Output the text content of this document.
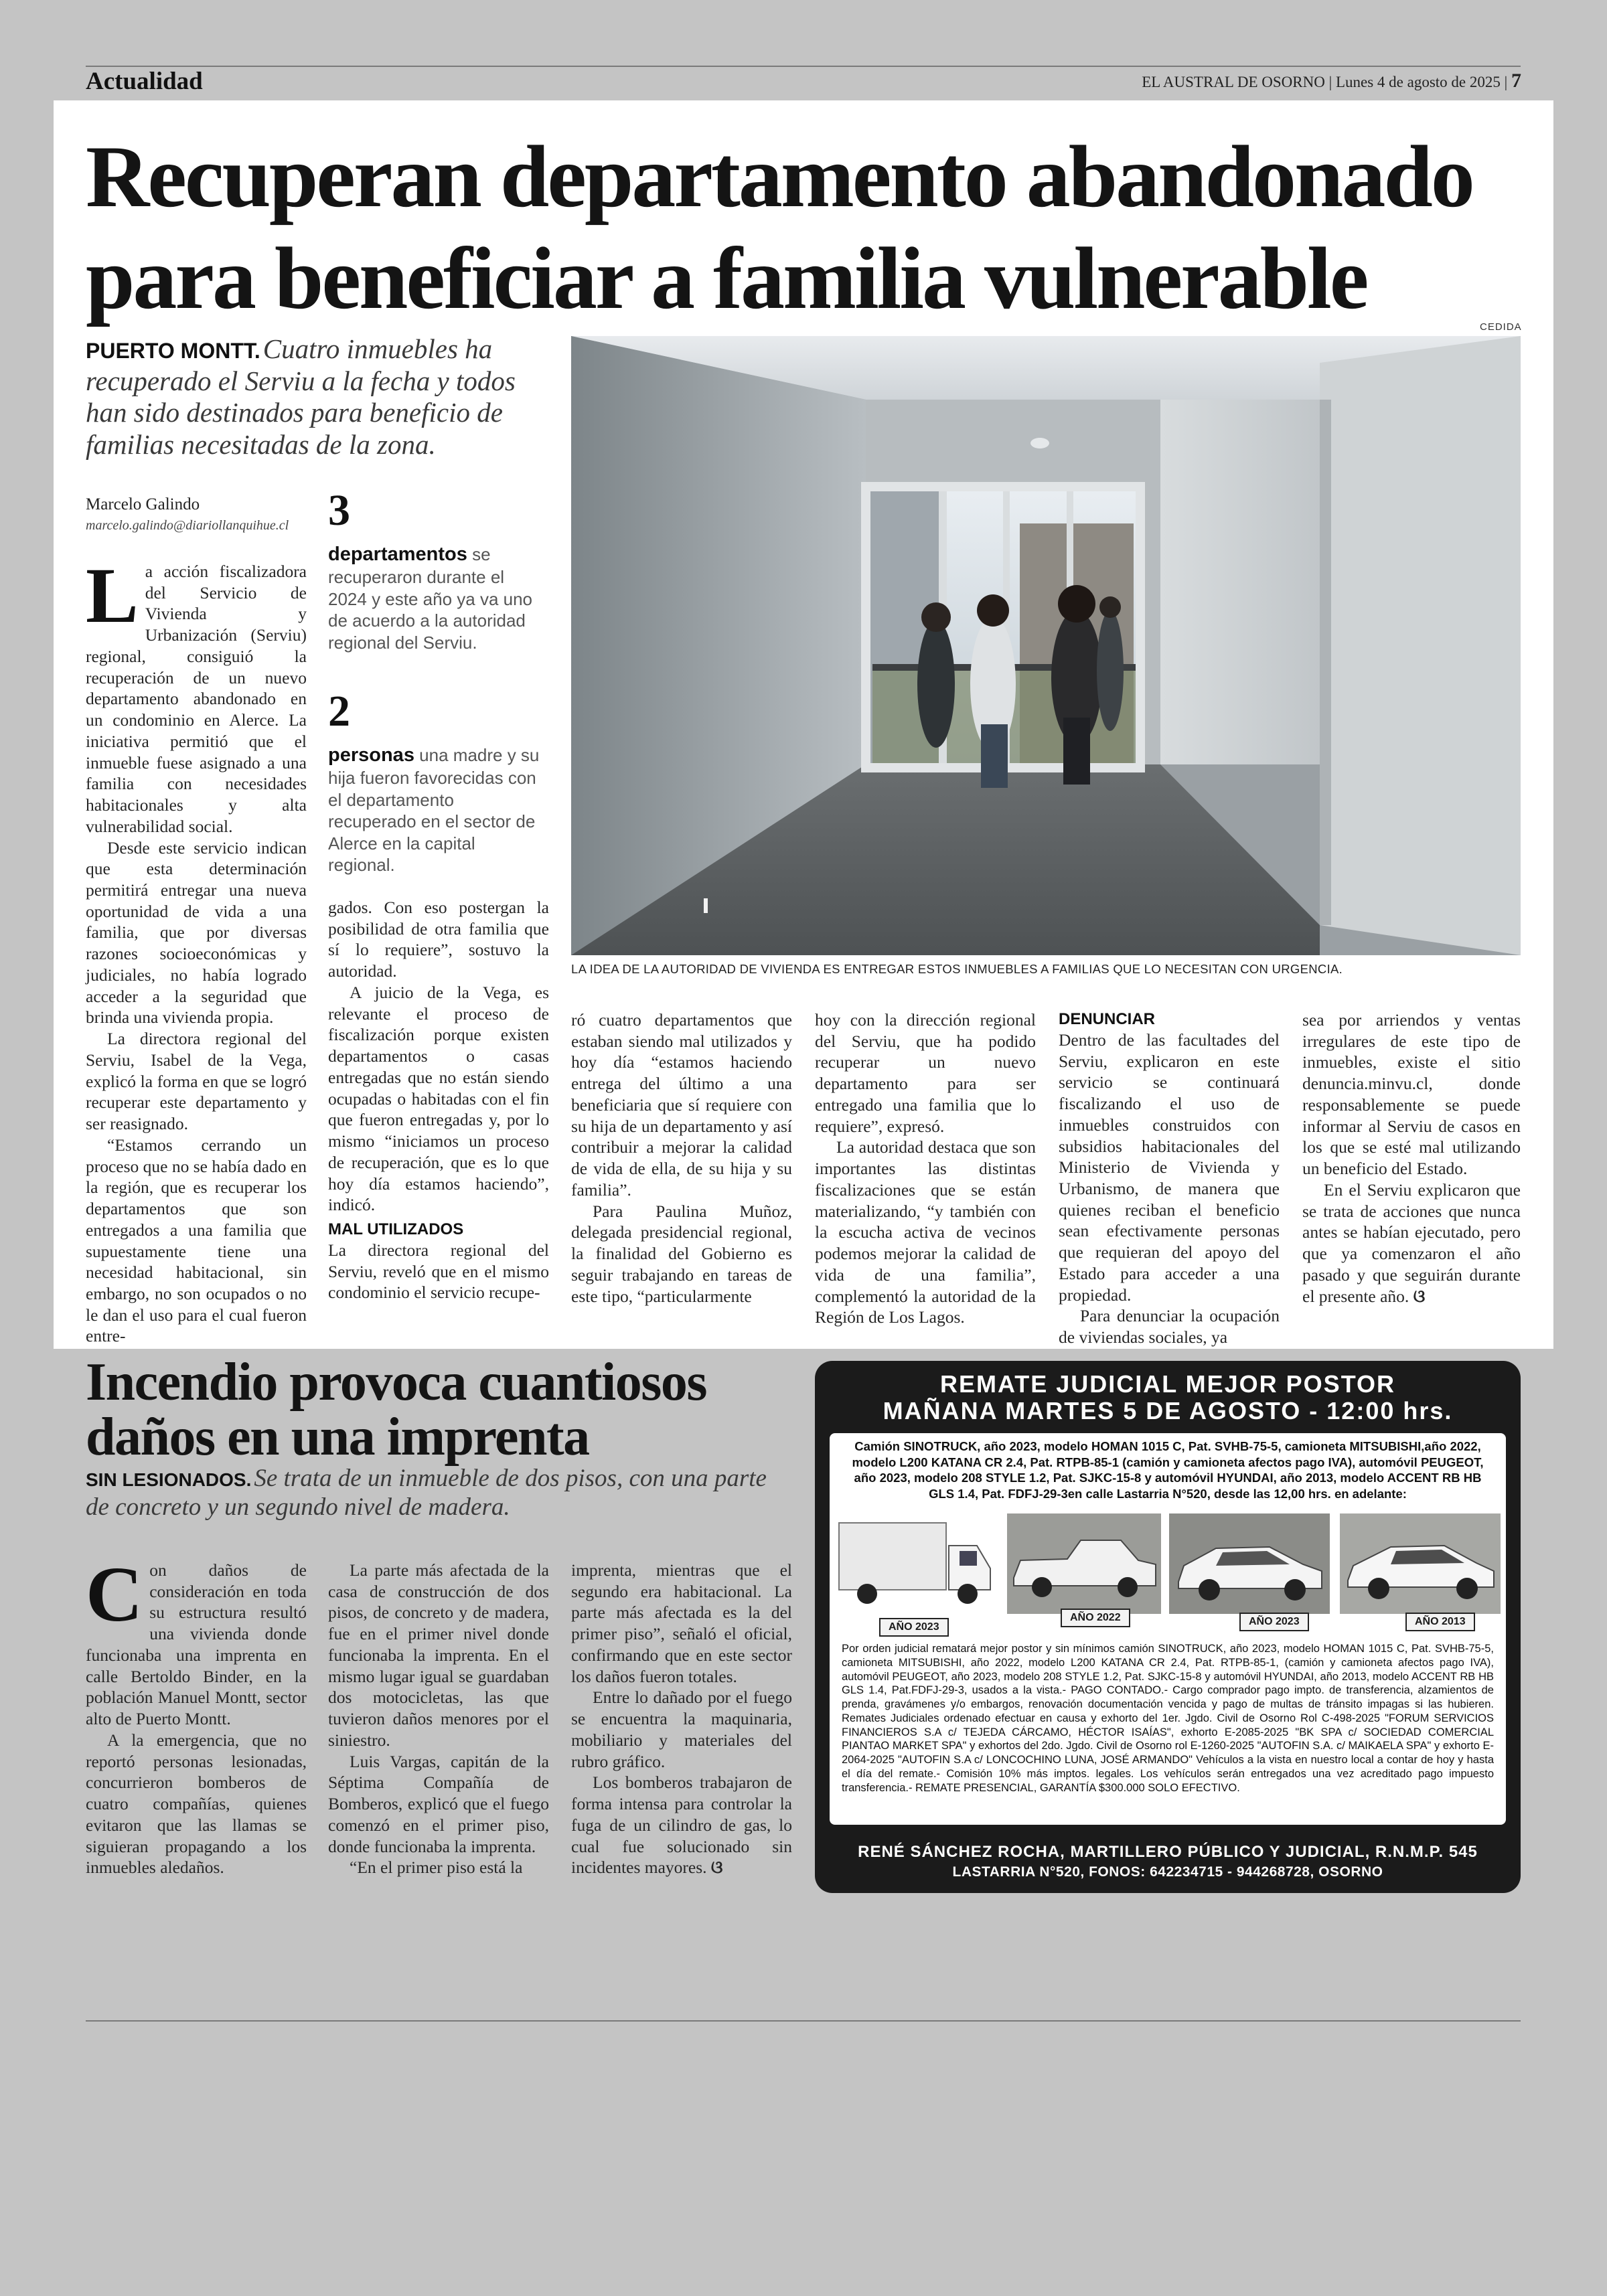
Actualidad	EL AUSTRAL DE OSORNO | Lunes 4 de agosto de 2025 | 7
Recuperan departamento abandonado
para beneficiar a familia vulnerable	CEDIDA
PUERTO MONTT. Cuatro inmuebles ha recuperado el Serviu a la fecha y todos han sido destinados para beneficio de familias necesitadas de la zona.
LA IDEA DE LA AUTORIDAD DE VIVIENDA ES ENTREGAR ESTOS INMUEBLES A FAMILIAS QUE LO NECESITAN CON URGENCIA.
Marcelo Galindo
marcelo.galindo@diariollanquihue.cl 3
departamentos se recuperaron durante el 2024 y este año ya va uno de acuerdo a la autoridad regional del Serviu.
2
personas una madre y su hija fueron favorecidas con el departamento recuperado en el sector de Alerce en la capital regional.

La acción fiscalizadora del Servicio de Vivienda y Urbanización (Serviu) regional, consiguió la recuperación de un nuevo departamento abandonado en un condominio en Alerce. La iniciativa permitió que el inmueble fuese asignado a una familia con necesidades habitacionales y alta vulnerabilidad social.

Desde este servicio indican que esta determinación permitirá entregar una nueva oportunidad de vida a una familia, que por diversas razones socioeconómicas y judiciales, no había logrado acceder a la seguridad que brinda una vivienda propia.

La directora regional del Serviu, Isabel de la Vega, explicó la forma en que se logró recuperar este departamento y ser reasignado.

“Estamos cerrando un proceso que no se había dado en la región, que es recuperar los departamentos que son entregados a una familia que supuestamente tiene una necesidad habitacional, sin embargo, no son ocupados o no le dan el uso para el cual fueron entre-

gados. Con eso postergan la posibilidad de otra familia que sí lo requiere”, sostuvo la autoridad.

A juicio de la Vega, es relevante el proceso de fiscalización porque existen departamentos o casas entregadas que no están siendo ocupadas o habitadas con el fin que fueron entregadas y, por lo mismo “iniciamos un proceso de recuperación, que es lo que hoy día estamos haciendo”, indicó.

MAL UTILIZADOS

La directora regional del Serviu, reveló que en el mismo condominio el servicio recupe-

ró cuatro departamentos que estaban siendo mal utilizados y hoy día “estamos haciendo entrega del último a una beneficiaria que sí requiere con su hija de un departamento y así contribuir a mejorar la calidad de vida de ella, de su hija y su familia”.

Para Paulina Muñoz, delegada presidencial regional, la finalidad del Gobierno es seguir trabajando en tareas de este tipo, “particularmente

hoy con la dirección regional del Serviu, que ha podido recuperar un nuevo departamento para ser entregado una familia que lo requiere”, expresó.

La autoridad destaca que son importantes las distintas fiscalizaciones que se están materializando, “y también con la escucha activa de vecinos podemos mejorar la calidad de vida de una familia”, complementó la autoridad de la Región de Los Lagos.

DENUNCIAR

Dentro de las facultades del Serviu, explicaron en este servicio se continuará fiscalizando el uso de inmuebles construidos con subsidios habitacionales del Ministerio de Vivienda y Urbanismo, de manera que quienes reciban el beneficio sean efectivamente personas que requieran del apoyo del Estado para acceder a una propiedad.

Para denunciar la ocupación de viviendas sociales, ya

sea por arriendos y ventas irregulares de este tipo de inmuebles, existe el sitio denuncia.minvu.cl, donde responsablemente se puede informar al Serviu de casos en los que se esté mal utilizando un beneficio del Estado.

En el Serviu explicaron que se trata de acciones que nunca antes se habían ejecutado, pero que ya comenzaron el año pasado y que seguirán durante el presente año. ଓ

Incendio provoca cuantiosos
daños en una imprenta
SIN LESIONADOS. Se trata de un inmueble de dos pisos, con una parte de concreto y un segundo nivel de madera.

Con daños de consideración en toda su estructura resultó una vivienda donde funcionaba una imprenta en calle Bertoldo Binder, en la población Manuel Montt, sector alto de Puerto Montt.

A la emergencia, que no reportó personas lesionadas, concurrieron bomberos de cuatro compañías, quienes evitaron que las llamas se siguieran propagando a los inmuebles aledaños.

La parte más afectada de la casa de construcción de dos pisos, de concreto y de madera, fue en el primer nivel donde funcionaba la imprenta. En el mismo lugar igual se guardaban dos motocicletas, las que tuvieron daños menores por el siniestro.

Luis Vargas, capitán de la Séptima Compañía de Bomberos, explicó que el fuego comenzó en el primer piso, donde funcionaba la imprenta.

“En el primer piso está la

imprenta, mientras que el segundo era habitacional. La parte más afectada es la del primer piso”, señaló el oficial, confirmando que en este sector los daños fueron totales.

Entre lo dañado por el fuego se encuentra la maquinaria, mobiliario y materiales del rubro gráfico.

Los bomberos trabajaron de forma intensa para controlar la fuga de un cilindro de gas, lo cual fue solucionado sin incidentes mayores. ଓ

REMATE JUDICIAL MEJOR POSTOR
MAÑANA MARTES 5 DE AGOSTO - 12:00 hrs.
Camión SINOTRUCK, año 2023, modelo HOMAN 1015 C, Pat. SVHB-75-5, camioneta MITSUBISHI,año 2022, modelo L200 KATANA CR 2.4, Pat. RTPB-85-1 (camión y camioneta afectos pago IVA), automóvil PEUGEOT, año 2023, modelo 208 STYLE 1.2, Pat. SJKC-15-8 y automóvil HYUNDAI, año 2013, modelo ACCENT RB HB GLS 1.4, Pat. FDFJ-29-3en calle Lastarria N°520, desde las 12,00 hrs. en adelante:
AÑO 2023
AÑO 2022	AÑO 2023	AÑO 2013
Por orden judicial rematará mejor postor y sin mínimos camión SINOTRUCK, año 2023, modelo HOMAN 1015 C, Pat. SVHB-75-5, camioneta MITSUBISHI, año 2022, modelo L200 KATANA CR 2.4, Pat. RTPB-85-1, (camión y camioneta afectos pago IVA), automóvil PEUGEOT, año 2023, modelo 208 STYLE 1.2, Pat. SJKC-15-8 y automóvil HYUNDAI, año 2013, modelo ACCENT RB HB GLS 1.4, Pat.FDFJ-29-3, usados a la vista.- PAGO CONTADO.- Cargo comprador pago impto. de transferencia, alzamientos de prenda, gravámenes y/o embargos, renovación documentación vencida y pago de multas de tránsito impagas si las hubieren. Remates Judiciales ordenado efectuar en causa y exhorto del 1er. Jgdo. Civil de Osorno Rol C-498-2025 "FORUM SERVICIOS FINANCIEROS S.A c/ TEJEDA CÁRCAMO, HÉCTOR ISAÍAS", exhorto E-2085-2025 "BK SPA c/ SOCIEDAD COMERCIAL PIANTAO MARKET SPA" y exhortos del 2do. Jgdo. Civil de Osorno rol E-1260-2025 "AUTOFIN S.A. c/ MAIKAELA SPA" y exhorto E-2064-2025 "AUTOFIN S.A c/ LONCOCHINO LUNA, JOSÉ ARMANDO" Vehículos a la vista en nuestro local a contar de hoy y hasta el día del remate.- Comisión 10% más imptos. legales. Los vehículos serán entregados una vez acreditado pago impuesto transferencia.- REMATE PRESENCIAL, GARANTÍA $300.000 SOLO EFECTIVO.
RENÉ SÁNCHEZ ROCHA, MARTILLERO PÚBLICO Y JUDICIAL, R.N.M.P. 545
LASTARRIA N°520, FONOS: 642234715 - 944268728, OSORNO
